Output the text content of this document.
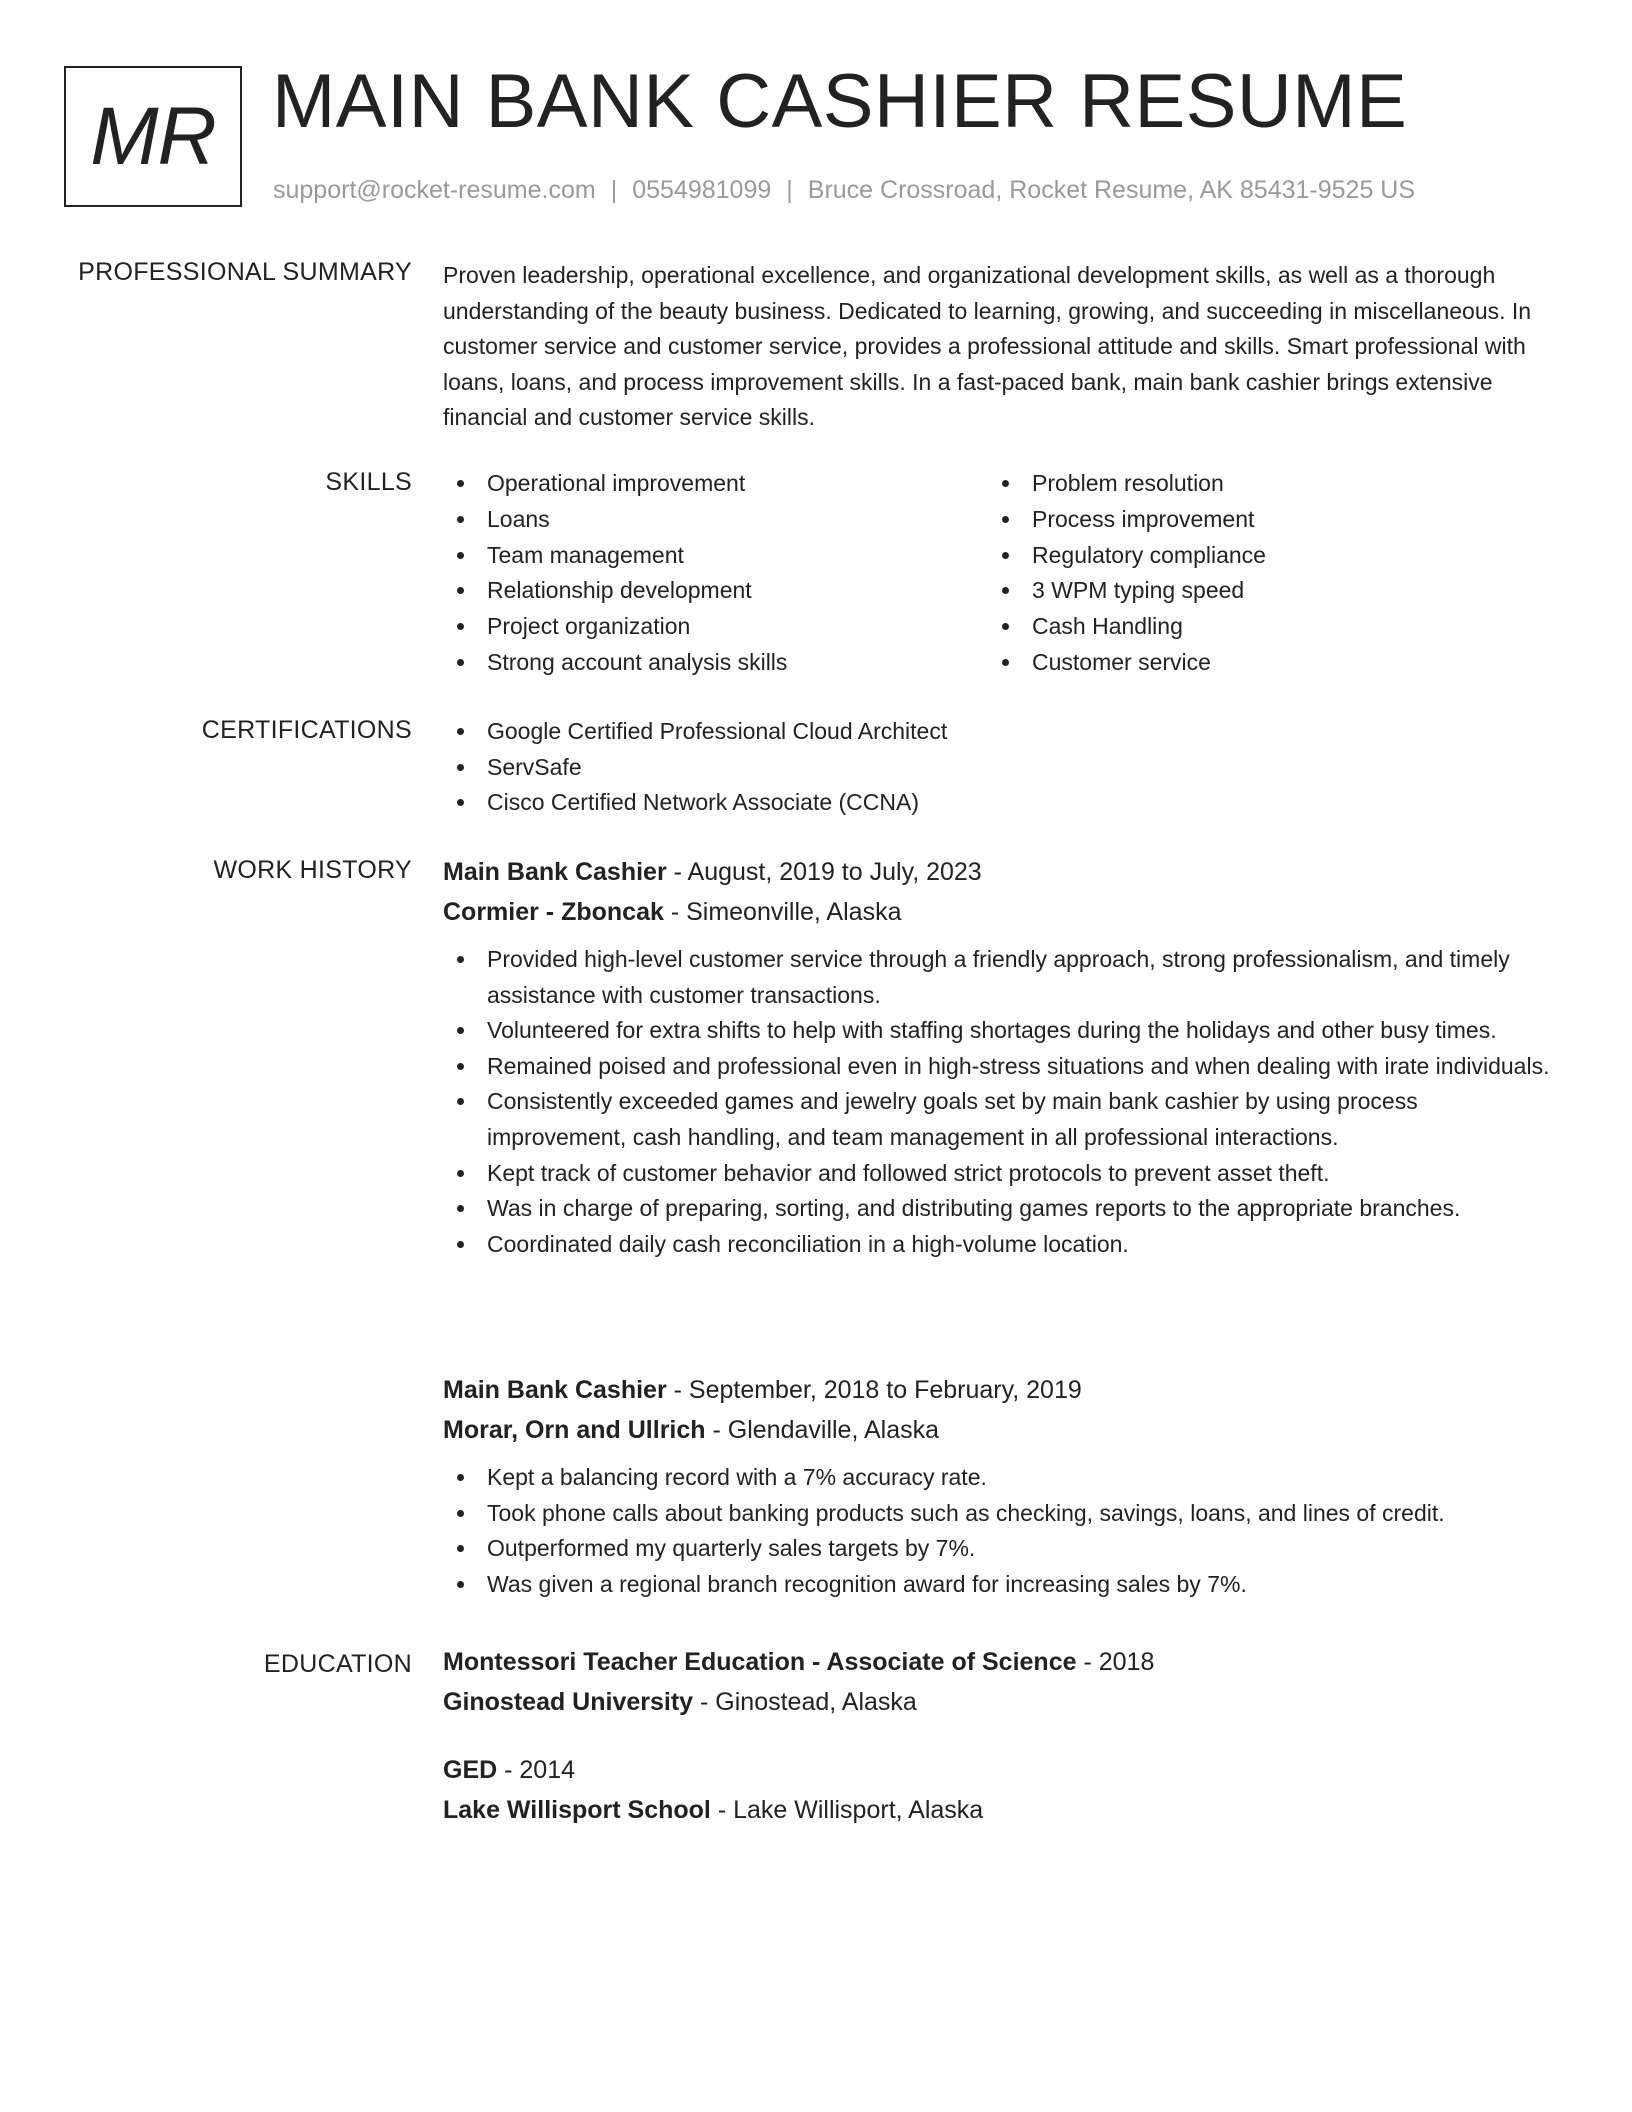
MR MAIN BANK CASHIER RESUME
support@rocket-resume.com | 0554981099 | Bruce Crossroad, Rocket Resume, AK 85431-9525 US
PROFESSIONAL SUMMARY Proven leadership, operational excellence, and organizational development skills, as well as a thorough understanding of the beauty business. Dedicated to learning, growing, and succeeding in miscellaneous. In customer service and customer service, provides a professional attitude and skills. Smart professional with loans, loans, and process improvement skills. In a fast-paced bank, main bank cashier brings extensive financial and customer service skills.
SKILLS	Operational improvement
Loans
Team management
Relationship development
Project organization
Strong account analysis skills
Problem resolution
Process improvement
Regulatory compliance
3 WPM typing speed
Cash Handling
Customer service
CERTIFICATIONS	Google Certified Professional Cloud Architect
ServSafe
Cisco Certified Network Associate (CCNA)
WORK HISTORY Main Bank Cashier - August, 2019 to July, 2023
Cormier - Zboncak - Simeonville, Alaska
Provided high-level customer service through a friendly approach, strong professionalism, and timely assistance with customer transactions.
Volunteered for extra shifts to help with staffing shortages during the holidays and other busy times.
Remained poised and professional even in high-stress situations and when dealing with irate individuals.
Consistently exceeded games and jewelry goals set by main bank cashier by using process improvement, cash handling, and team management in all professional interactions.
Kept track of customer behavior and followed strict protocols to prevent asset theft.
Was in charge of preparing, sorting, and distributing games reports to the appropriate branches.
Coordinated daily cash reconciliation in a high-volume location.
Main Bank Cashier - September, 2018 to February, 2019
Morar, Orn and Ullrich - Glendaville, Alaska
Kept a balancing record with a 7% accuracy rate.
Took phone calls about banking products such as checking, savings, loans, and lines of credit.
Outperformed my quarterly sales targets by 7%.
Was given a regional branch recognition award for increasing sales by 7%.
EDUCATION Montessori Teacher Education - Associate of Science - 2018
Ginostead University - Ginostead, Alaska
GED - 2014
Lake Willisport School - Lake Willisport, Alaska
